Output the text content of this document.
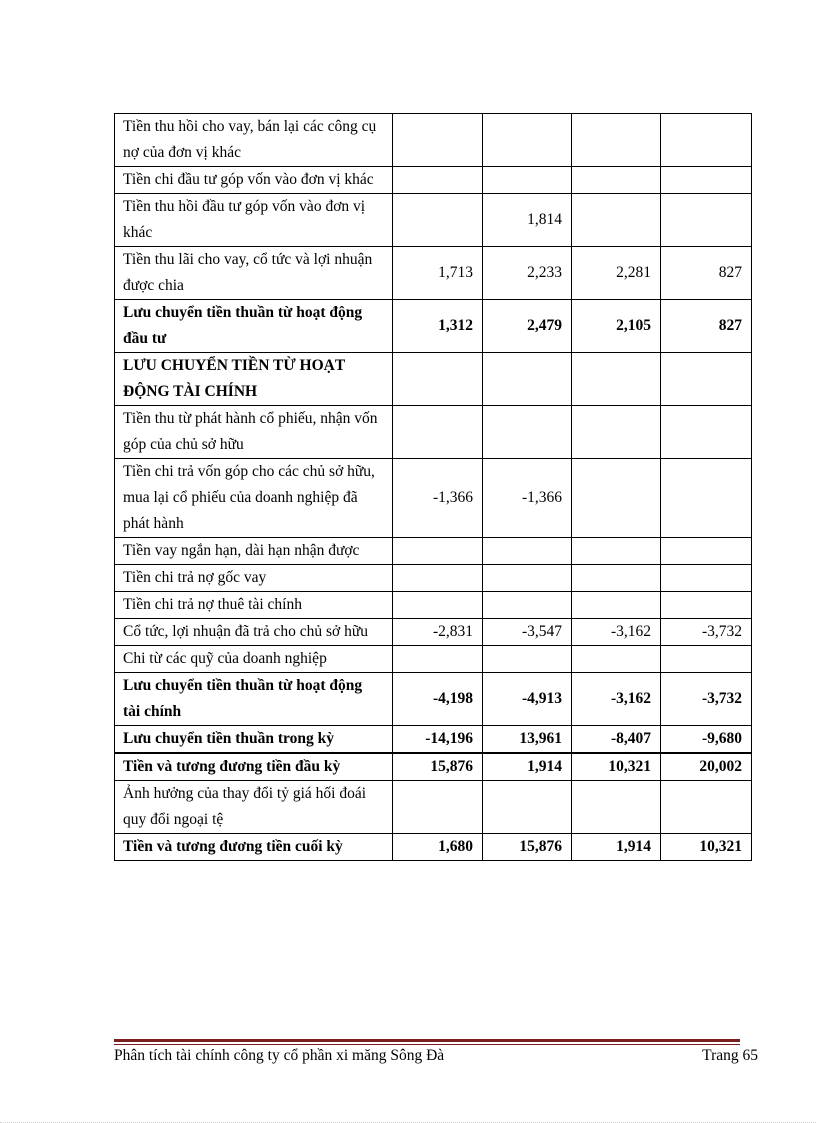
Tiền thu hồi cho vay, bán lại các công cụ nợ của đơn vị khác				
Tiền chi đầu tư góp vốn vào đơn vị khác				
Tiền thu hồi đầu tư góp vốn vào đơn vị khác		1,814		
Tiền thu lãi cho vay, cổ tức và lợi nhuận được chia	1,713	2,233	2,281	827
Lưu chuyển tiền thuần từ hoạt động đầu tư	1,312	2,479	2,105	827
LƯU CHUYỂN TIỀN TỪ HOẠT ĐỘNG TÀI CHÍNH				
Tiền thu từ phát hành cổ phiếu, nhận vốn góp của chủ sở hữu				
Tiền chi trả vốn góp cho các chủ sở hữu, mua lại cổ phiếu của doanh nghiệp đã phát hành	-1,366	-1,366		
Tiền vay ngắn hạn, dài hạn nhận được				
Tiền chi trả nợ gốc vay				
Tiền chi trả nợ thuê tài chính				
Cổ tức, lợi nhuận đã trả cho chủ sở hữu	-2,831	-3,547	-3,162	-3,732
Chi từ các quỹ của doanh nghiệp				
Lưu chuyển tiền thuần từ hoạt động tài chính	-4,198	-4,913	-3,162	-3,732
Lưu chuyển tiền thuần trong kỳ	-14,196	13,961	-8,407	-9,680
Tiền và tương đương tiền đầu kỳ	15,876	1,914	10,321	20,002
Ảnh hưởng của thay đổi tỷ giá hối đoái quy đổi ngoại tệ				
Tiền và tương đương tiền cuối kỳ	1,680	15,876	1,914	10,321
Phân tích tài chính công ty cổ phần xi măng Sông Đà	Trang 65
